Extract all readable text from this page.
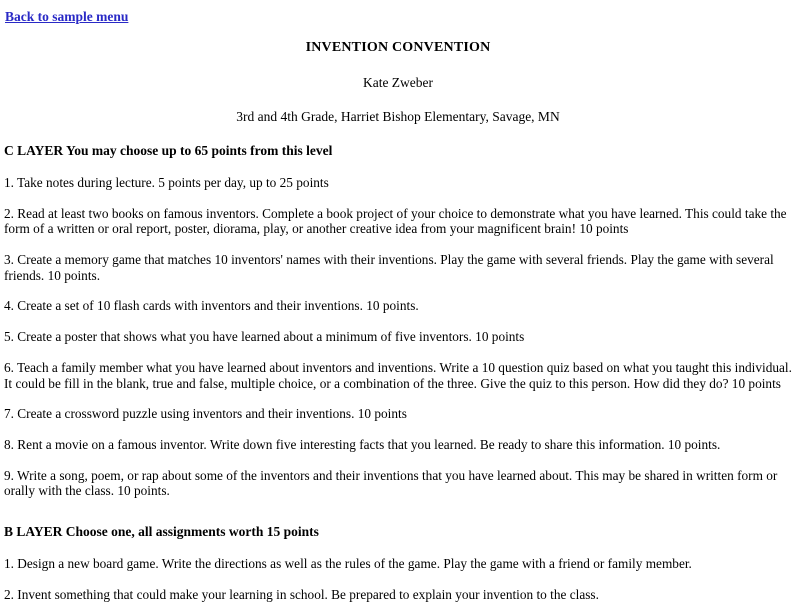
Back to sample menu
INVENTION CONVENTION
Kate Zweber
3rd and 4th Grade, Harriet Bishop Elementary, Savage, MN
C LAYER You may choose up to 65 points from this level

1. Take notes during lecture. 5 points per day, up to 25 points

2. Read at least two books on famous inventors. Complete a book project of your choice to demonstrate what you have learned. This could take the form of a written or oral report, poster, diorama, play, or another creative idea from your magnificent brain! 10 points

3. Create a memory game that matches 10 inventors' names with their inventions. Play the game with several friends. Play the game with several friends. 10 points.

4. Create a set of 10 flash cards with inventors and their inventions. 10 points.

5. Create a poster that shows what you have learned about a minimum of five inventors. 10 points

6. Teach a family member what you have learned about inventors and inventions. Write a 10 question quiz based on what you taught this individual. It could be fill in the blank, true and false, multiple choice, or a combination of the three. Give the quiz to this person. How did they do? 10 points

7. Create a crossword puzzle using inventors and their inventions. 10 points

8. Rent a movie on a famous inventor. Write down five interesting facts that you learned. Be ready to share this information. 10 points.

9. Write a song, poem, or rap about some of the inventors and their inventions that you have learned about. This may be shared in written form or orally with the class. 10 points.

B LAYER Choose one, all assignments worth 15 points

1. Design a new board game. Write the directions as well as the rules of the game. Play the game with a friend or family member.

2. Invent something that could make your learning in school. Be prepared to explain your invention to the class.
